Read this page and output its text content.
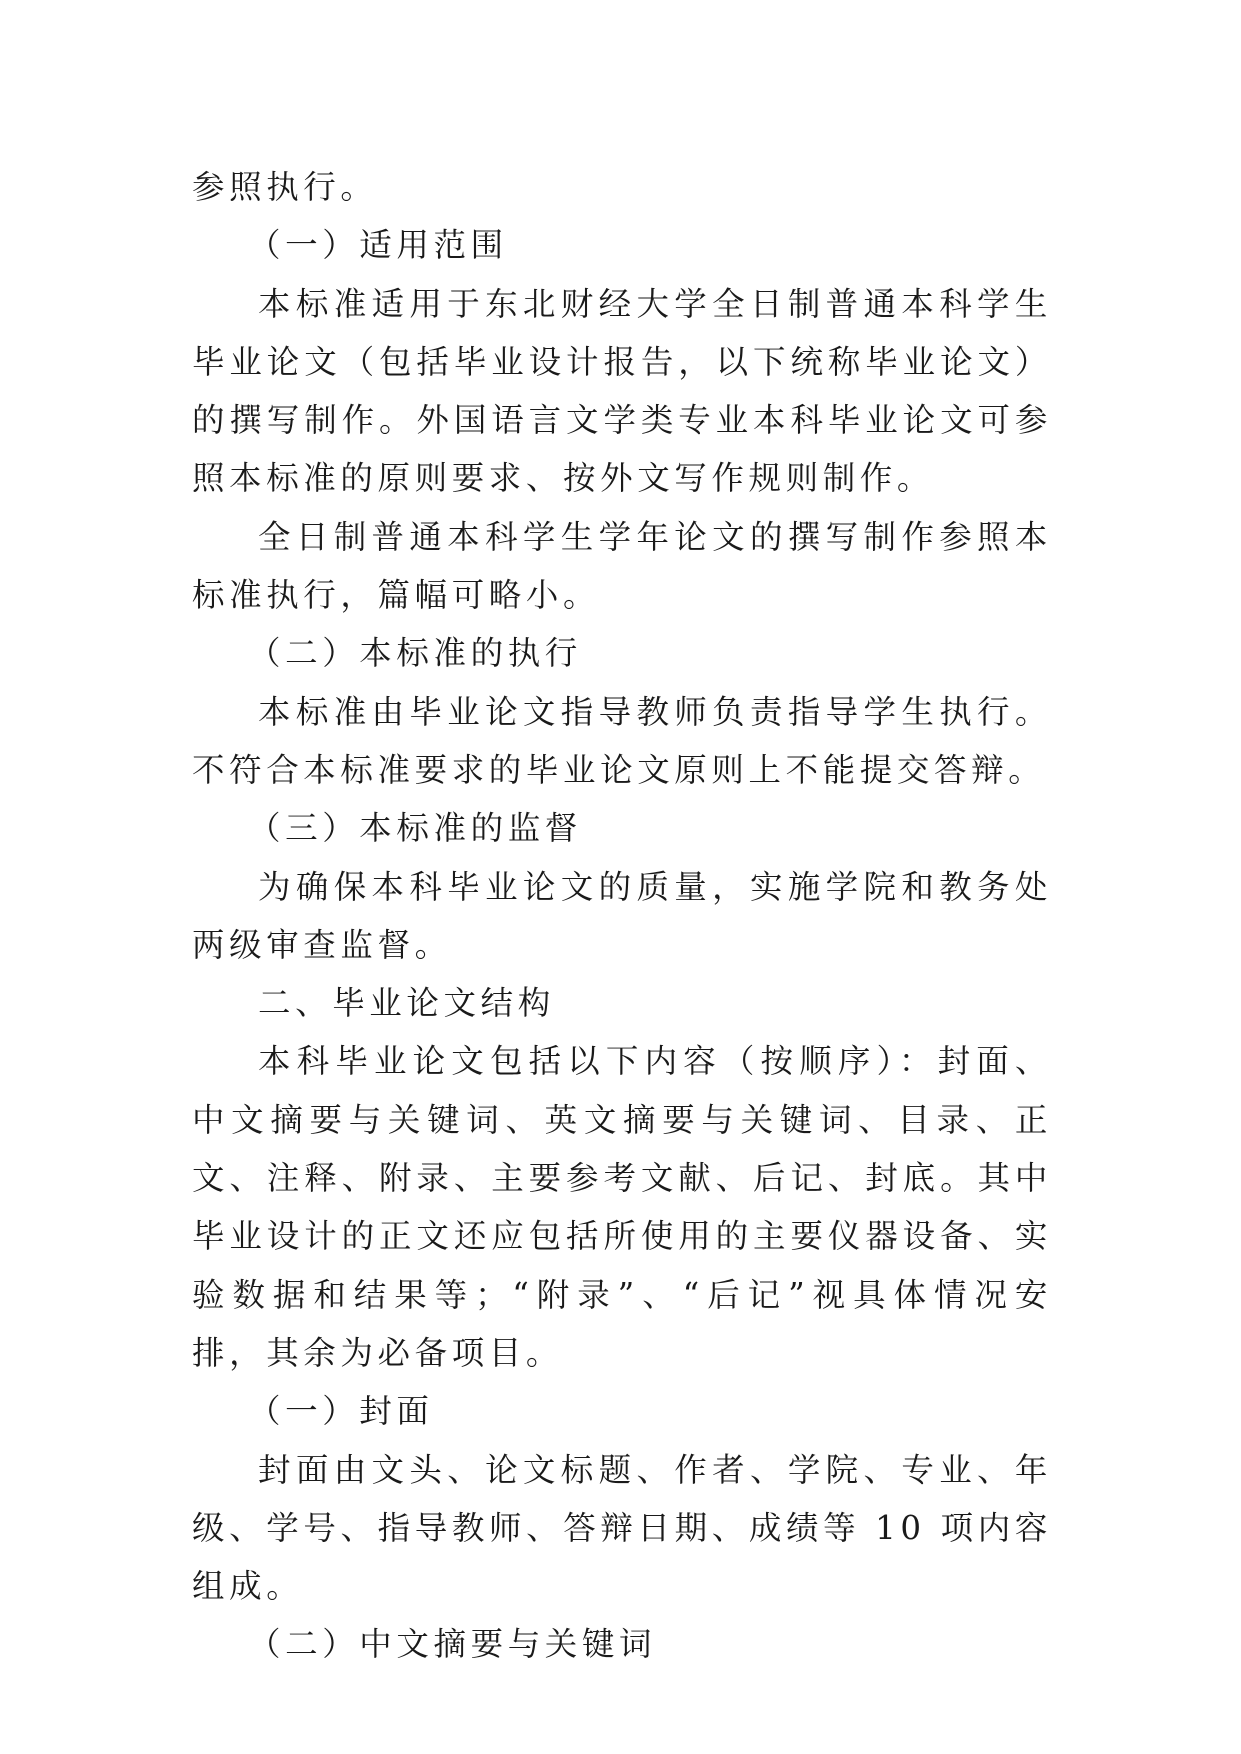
参照执行。

（一）适用范围

本标准适用于东北财经大学全日制普通本科学生毕业论文（包括毕业设计报告，以下统称毕业论文）的撰写制作。外国语言文学类专业本科毕业论文可参照本标准的原则要求、按外文写作规则制作。

全日制普通本科学生学年论文的撰写制作参照本标准执行，篇幅可略小。

（二）本标准的执行

本标准由毕业论文指导教师负责指导学生执行。不符合本标准要求的毕业论文原则上不能提交答辩。

（三）本标准的监督

为确保本科毕业论文的质量，实施学院和教务处两级审查监督。

二、毕业论文结构

本科毕业论文包括以下内容（按顺序）：封面、中文摘要与关键词、英文摘要与关键词、目录、正文、注释、附录、主要参考文献、后记、封底。其中毕业设计的正文还应包括所使用的主要仪器设备、实验数据和结果等；“附录”、“后记”视具体情况安排，其余为必备项目。

（一）封面

封面由文头、论文标题、作者、学院、专业、年级、学号、指导教师、答辩日期、成绩等 10 项内容组成。

（二）中文摘要与关键词
